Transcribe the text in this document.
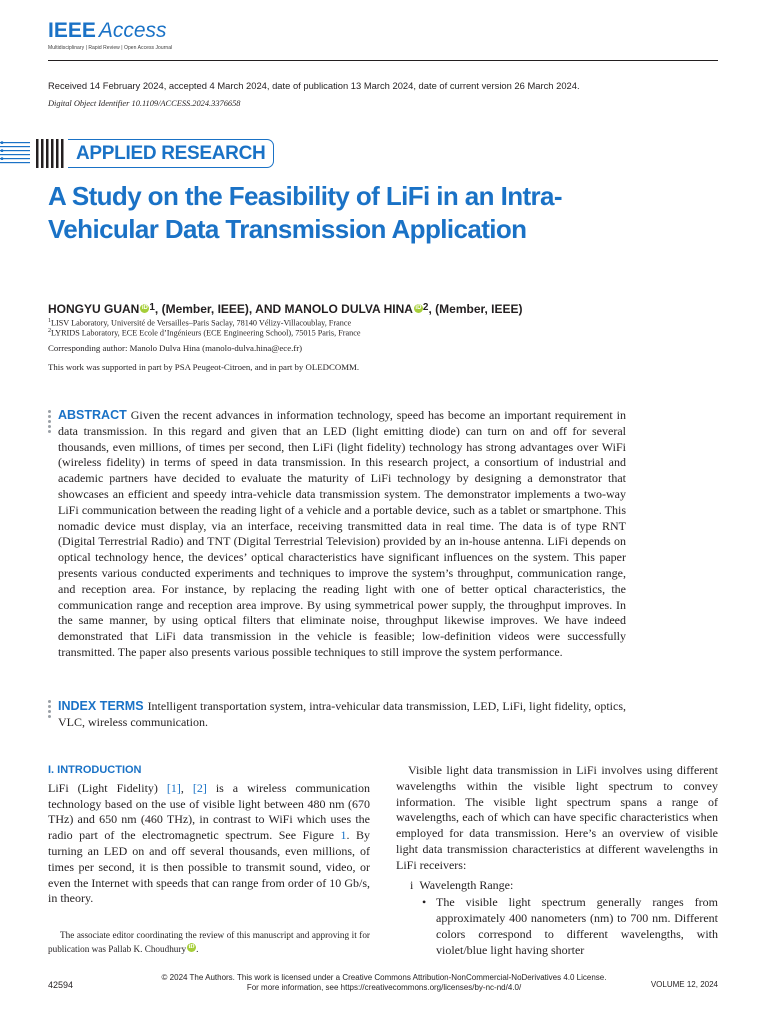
IEEE Access
Multidisciplinary | Rapid Review | Open Access Journal
Received 14 February 2024, accepted 4 March 2024, date of publication 13 March 2024, date of current version 26 March 2024.
Digital Object Identifier 10.1109/ACCESS.2024.3376658
APPLIED RESEARCH
A Study on the Feasibility of LiFi in an Intra-Vehicular Data Transmission Application
HONGYU GUAN iD $^1$, (Member, IEEE), AND MANOLO DULVA HINA iD $^2$, (Member, IEEE)
$^1$LISV Laboratory, Université de Versailles–Paris Saclay, 78140 Vélizy-Villacoublay, France
$^2$LYRIDS Laboratory, ECE Ecole d’Ingénieurs (ECE Engineering School), 75015 Paris, France
Corresponding author: Manolo Dulva Hina (manolo-dulva.hina@ece.fr)
This work was supported in part by PSA Peugeot-Citroen, and in part by OLEDCOMM.
ABSTRACT Given the recent advances in information technology, speed has become an important requirement in data transmission. In this regard and given that an LED (light emitting diode) can turn on and off for several thousands, even millions, of times per second, then LiFi (light fidelity) technology has strong advantages over WiFi (wireless fidelity) in terms of speed in data transmission. In this research project, a consortium of industrial and academic partners have decided to evaluate the maturity of LiFi technology by designing a demonstrator that showcases an efficient and speedy intra-vehicle data transmission system. The demonstrator implements a two-way LiFi communication between the reading light of a vehicle and a portable device, such as a tablet or smartphone. This nomadic device must display, via an interface, receiving transmitted data in real time. The data is of type RNT (Digital Terrestrial Radio) and TNT (Digital Terrestrial Television) provided by an in-house antenna. LiFi depends on optical technology hence, the devices’ optical characteristics have significant influences on the system. This paper presents various conducted experiments and techniques to improve the system’s throughput, communication range, and reception area. For instance, by replacing the reading light with one of better optical characteristics, the communication range and reception area improve. By using symmetrical power supply, the throughput improves. In the same manner, by using optical filters that eliminate noise, throughput likewise improves. We have indeed demonstrated that LiFi data transmission in the vehicle is feasible; low-definition videos were successfully transmitted. The paper also presents various possible techniques to still improve the system performance.
INDEX TERMS Intelligent transportation system, intra-vehicular data transmission, LED, LiFi, light fidelity, optics, VLC, wireless communication.
I. INTRODUCTION

LiFi (Light Fidelity) [1], [2] is a wireless communication technology based on the use of visible light between 480 nm (670 THz) and 650 nm (460 THz), in contrast to WiFi which uses the radio part of the electromagnetic spectrum. See Figure 1. By turning an LED on and off several thousands, even millions, of times per second, it is then possible to transmit sound, video, or even the Internet with speeds that can range from order of 10 Gb/s, in theory.

The associate editor coordinating the review of this manuscript and approving it for publication was Pallab K. Choudhury iD .

Visible light data transmission in LiFi involves using different wavelengths within the visible light spectrum to convey information. The visible light spectrum spans a range of wavelengths, each of which can have specific characteristics when employed for data transmission. Here’s an overview of visible light data transmission characteristics at different wavelengths in LiFi receivers:

i Wavelength Range:
• The visible light spectrum generally ranges from approximately 400 nanometers (nm) to 700 nm. Different colors correspond to different wavelengths, with violet/blue light having shorter
© 2024 The Authors. This work is licensed under a Creative Commons Attribution-NonCommercial-NoDerivatives 4.0 License.
For more information, see https://creativecommons.org/licenses/by-nc-nd/4.0/
42594	VOLUME 12, 2024
